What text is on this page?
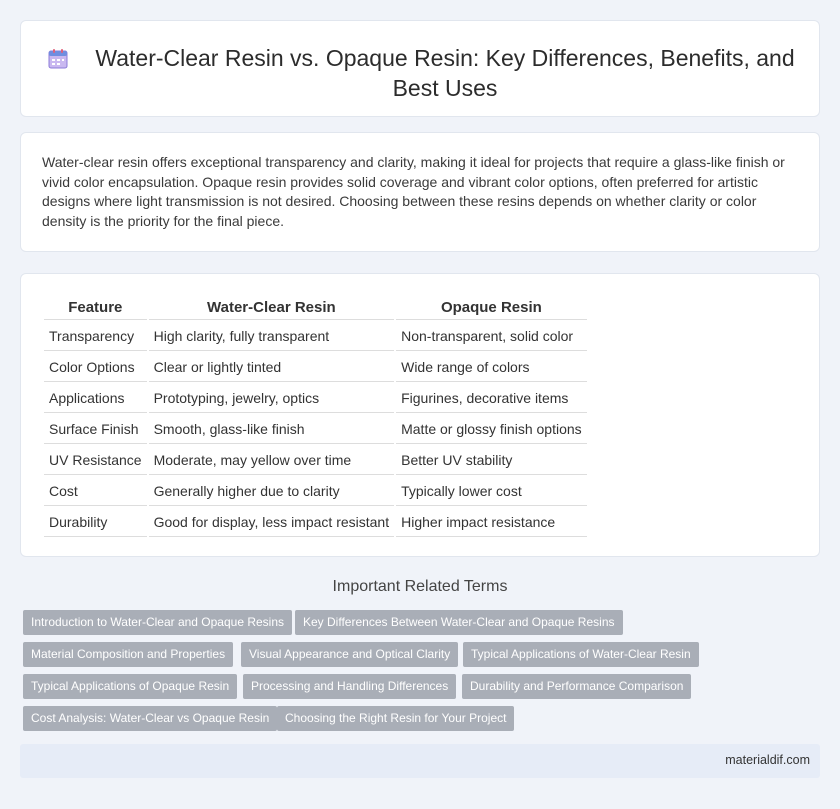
Water-Clear Resin vs. Opaque Resin: Key Differences, Benefits, and Best Uses

Water-clear resin offers exceptional transparency and clarity, making it ideal for projects that require a glass-like finish or vivid color encapsulation. Opaque resin provides solid coverage and vibrant color options, often preferred for artistic designs where light transmission is not desired. Choosing between these resins depends on whether clarity or color density is the priority for the final piece.

Feature	Water-Clear Resin	Opaque Resin
Transparency	High clarity, fully transparent	Non-transparent, solid color
Color Options	Clear or lightly tinted	Wide range of colors
Applications	Prototyping, jewelry, optics	Figurines, decorative items
Surface Finish	Smooth, glass-like finish	Matte or glossy finish options
UV Resistance	Moderate, may yellow over time	Better UV stability
Cost	Generally higher due to clarity	Typically lower cost
Durability	Good for display, less impact resistant	Higher impact resistance
Important Related Terms
Introduction to Water-Clear and Opaque Resins	Key Differences Between Water-Clear and Opaque Resins
Material Composition and Properties	Visual Appearance and Optical Clarity	Typical Applications of Water-Clear Resin
Typical Applications of Opaque Resin	Processing and Handling Differences	Durability and Performance Comparison
Cost Analysis: Water-Clear vs Opaque Resin	Choosing the Right Resin for Your Project
materialdif.com
